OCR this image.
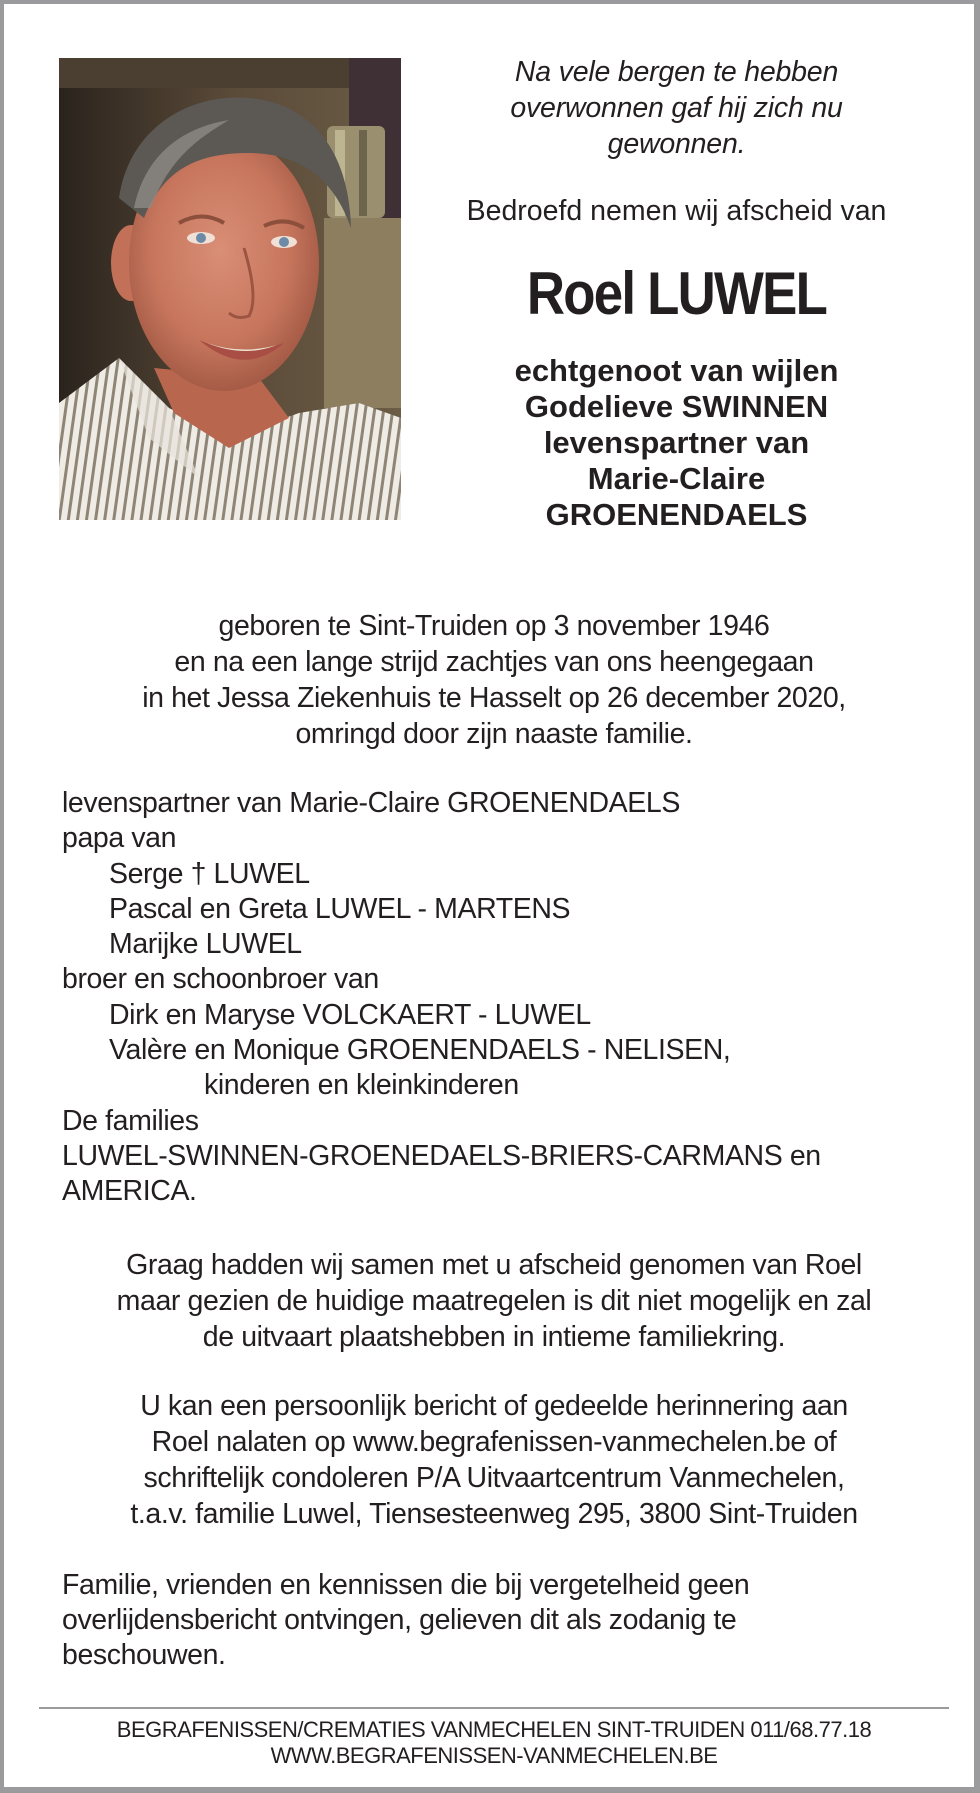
Na vele bergen te hebben
overwonnen gaf hij zich nu
gewonnen.
Bedroefd nemen wij afscheid van
Roel LUWEL
echtgenoot van wijlen
Godelieve SWINNEN
levenspartner van
Marie-Claire
GROENENDAELS
geboren te Sint-Truiden op 3 november 1946
en na een lange strijd zachtjes van ons heengegaan
in het Jessa Ziekenhuis te Hasselt op 26 december 2020,
omringd door zijn naaste familie.
levenspartner van Marie-Claire GROENENDAELS
papa van
Serge † LUWEL
Pascal en Greta LUWEL - MARTENS
Marijke LUWEL
broer en schoonbroer van
Dirk en Maryse VOLCKAERT - LUWEL
Valère en Monique GROENENDAELS - NELISEN,
kinderen en kleinkinderen
De families
LUWEL-SWINNEN-GROENEDAELS-BRIERS-CARMANS en
AMERICA.
Graag hadden wij samen met u afscheid genomen van Roel
maar gezien de huidige maatregelen is dit niet mogelijk en zal
de uitvaart plaatshebben in intieme familiekring.
U kan een persoonlijk bericht of gedeelde herinnering aan
Roel nalaten op www.begrafenissen-vanmechelen.be of
schriftelijk condoleren P/A Uitvaartcentrum Vanmechelen,
t.a.v. familie Luwel, Tiensesteenweg 295, 3800 Sint-Truiden
Familie, vrienden en kennissen die bij vergetelheid geen
overlijdensbericht ontvingen, gelieven dit als zodanig te
beschouwen.
BEGRAFENISSEN/CREMATIES VANMECHELEN SINT-TRUIDEN 011/68.77.18
WWW.BEGRAFENISSEN-VANMECHELEN.BE
